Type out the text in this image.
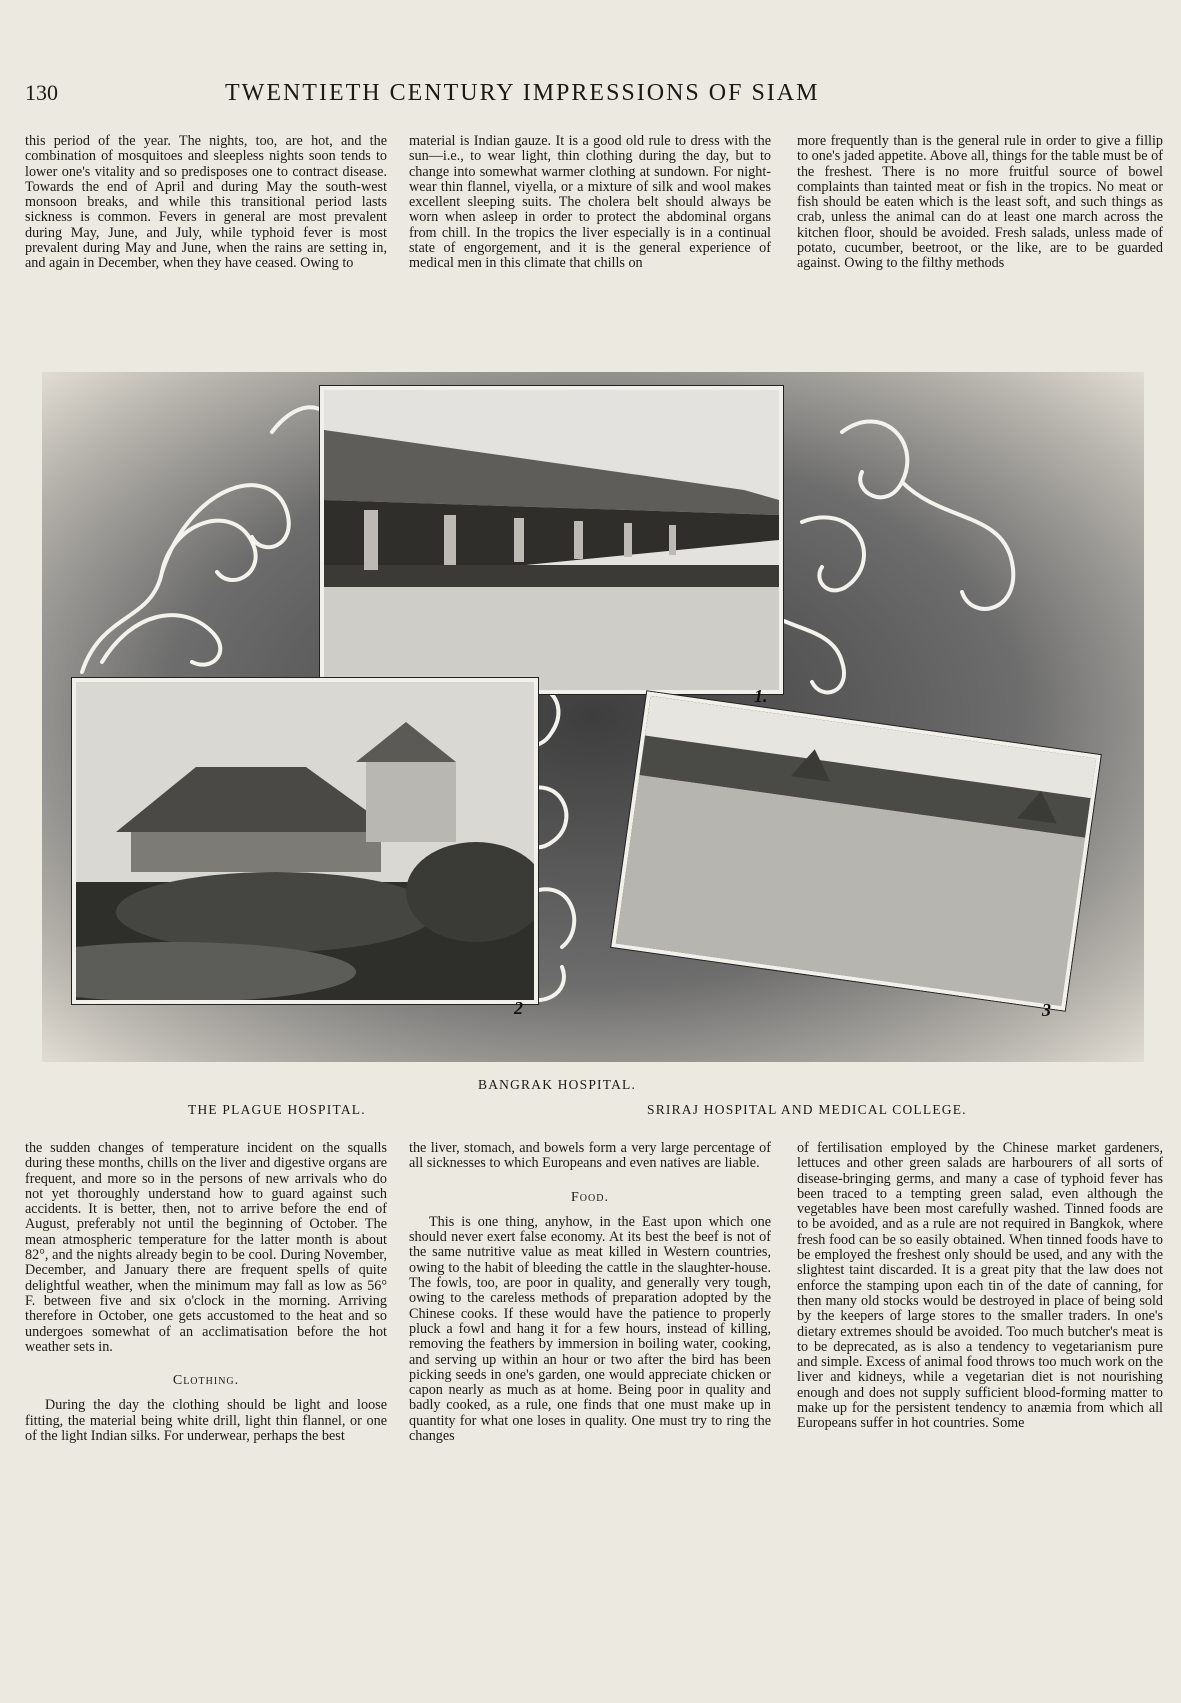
130	TWENTIETH CENTURY IMPRESSIONS OF SIAM

this period of the year. The nights, too, are hot, and the combination of mosquitoes and sleepless nights soon tends to lower one's vitality and so predisposes one to contract disease. Towards the end of April and during May the south-west monsoon breaks, and while this transitional period lasts sickness is common. Fevers in general are most prevalent during May, June, and July, while typhoid fever is most prevalent during May and June, when the rains are setting in, and again in December, when they have ceased. Owing to

material is Indian gauze. It is a good old rule to dress with the sun—i.e., to wear light, thin clothing during the day, but to change into somewhat warmer clothing at sundown. For night-wear thin flannel, viyella, or a mixture of silk and wool makes excellent sleeping suits. The cholera belt should always be worn when asleep in order to protect the abdominal organs from chill. In the tropics the liver especially is in a continual state of engorgement, and it is the general experience of medical men in this climate that chills on

more frequently than is the general rule in order to give a fillip to one's jaded appetite. Above all, things for the table must be of the freshest. There is no more fruitful source of bowel complaints than tainted meat or fish in the tropics. No meat or fish should be eaten which is the least soft, and such things as crab, unless the animal can do at least one march across the kitchen floor, should be avoided. Fresh salads, unless made of potato, cucumber, beetroot, or the like, are to be guarded against. Owing to the filthy methods

1.
2	3
BANGRAK HOSPITAL.
THE PLAGUE HOSPITAL.	SRIRAJ HOSPITAL AND MEDICAL COLLEGE.

the sudden changes of temperature incident on the squalls during these months, chills on the liver and digestive organs are frequent, and more so in the persons of new arrivals who do not yet thoroughly understand how to guard against such accidents. It is better, then, not to arrive before the end of August, preferably not until the beginning of October. The mean atmospheric temperature for the latter month is about 82°, and the nights already begin to be cool. During November, December, and January there are frequent spells of quite delightful weather, when the minimum may fall as low as 56° F. between five and six o'clock in the morning. Arriving therefore in October, one gets accustomed to the heat and so undergoes somewhat of an acclimatisation before the hot weather sets in.

Clothing.

During the day the clothing should be light and loose fitting, the material being white drill, light thin flannel, or one of the light Indian silks. For underwear, perhaps the best

the liver, stomach, and bowels form a very large percentage of all sicknesses to which Europeans and even natives are liable.

Food.

This is one thing, anyhow, in the East upon which one should never exert false economy. At its best the beef is not of the same nutritive value as meat killed in Western countries, owing to the habit of bleeding the cattle in the slaughter-house. The fowls, too, are poor in quality, and generally very tough, owing to the careless methods of preparation adopted by the Chinese cooks. If these would have the patience to properly pluck a fowl and hang it for a few hours, instead of killing, removing the feathers by immersion in boiling water, cooking, and serving up within an hour or two after the bird has been picking seeds in one's garden, one would appreciate chicken or capon nearly as much as at home. Being poor in quality and badly cooked, as a rule, one finds that one must make up in quantity for what one loses in quality. One must try to ring the changes

of fertilisation employed by the Chinese market gardeners, lettuces and other green salads are harbourers of all sorts of disease-bringing germs, and many a case of typhoid fever has been traced to a tempting green salad, even although the vegetables have been most carefully washed. Tinned foods are to be avoided, and as a rule are not required in Bangkok, where fresh food can be so easily obtained. When tinned foods have to be employed the freshest only should be used, and any with the slightest taint discarded. It is a great pity that the law does not enforce the stamping upon each tin of the date of canning, for then many old stocks would be destroyed in place of being sold by the keepers of large stores to the smaller traders. In one's dietary extremes should be avoided. Too much butcher's meat is to be deprecated, as is also a tendency to vegetarianism pure and simple. Excess of animal food throws too much work on the liver and kidneys, while a vegetarian diet is not nourishing enough and does not supply sufficient blood-forming matter to make up for the persistent tendency to anæmia from which all Europeans suffer in hot countries. Some
